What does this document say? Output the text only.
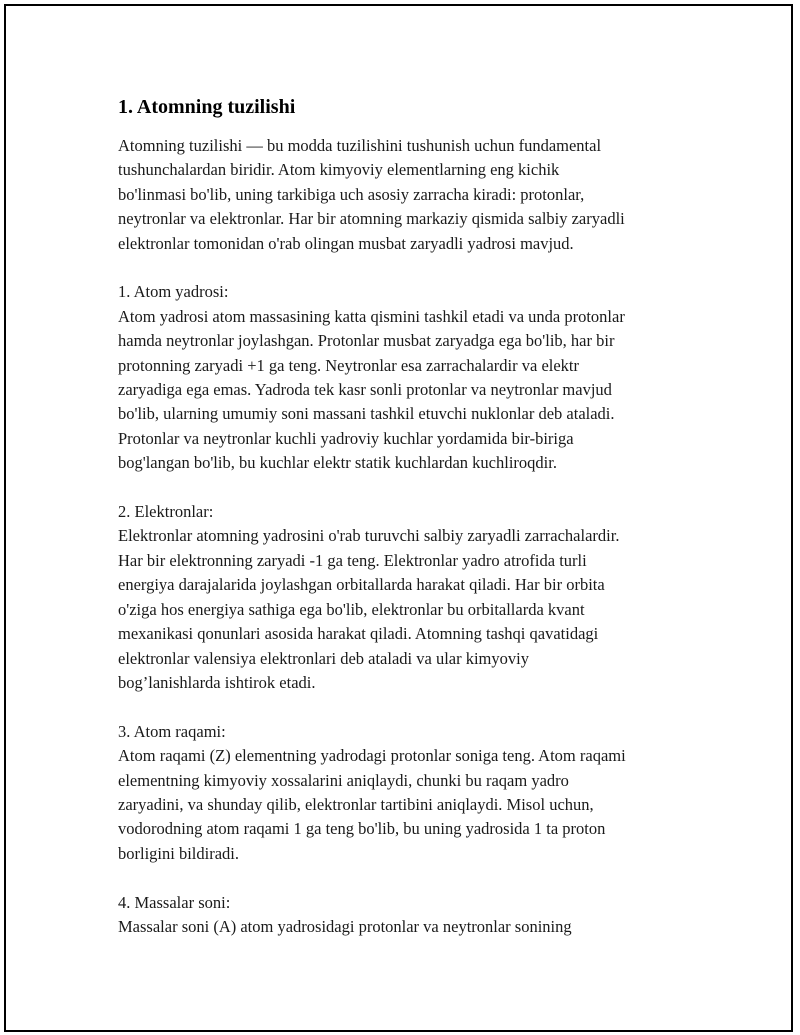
1. Atomning tuzilishi

Atomning tuzilishi — bu modda tuzilishini tushunish uchun fundamental
tushunchalardan biridir. Atom kimyoviy elementlarning eng kichik
bo'linmasi bo'lib, uning tarkibiga uch asosiy zarracha kiradi: protonlar,
neytronlar va elektronlar. Har bir atomning markaziy qismida salbiy zaryadli
elektronlar tomonidan o'rab olingan musbat zaryadli yadrosi mavjud.

1. Atom yadrosi:
Atom yadrosi atom massasining katta qismini tashkil etadi va unda protonlar
hamda neytronlar joylashgan. Protonlar musbat zaryadga ega bo'lib, har bir
protonning zaryadi +1 ga teng. Neytronlar esa zarrachalardir va elektr
zaryadiga ega emas. Yadroda tek kasr sonli protonlar va neytronlar mavjud
bo'lib, ularning umumiy soni massani tashkil etuvchi nuklonlar deb ataladi.
Protonlar va neytronlar kuchli yadroviy kuchlar yordamida bir-biriga
bog'langan bo'lib, bu kuchlar elektr statik kuchlardan kuchliroqdir.

2. Elektronlar:
Elektronlar atomning yadrosini o'rab turuvchi salbiy zaryadli zarrachalardir.
Har bir elektronning zaryadi -1 ga teng. Elektronlar yadro atrofida turli
energiya darajalarida joylashgan orbitallarda harakat qiladi. Har bir orbita
o'ziga hos energiya sathiga ega bo'lib, elektronlar bu orbitallarda kvant
mexanikasi qonunlari asosida harakat qiladi. Atomning tashqi qavatidagi
elektronlar valensiya elektronlari deb ataladi va ular kimyoviy
bog’lanishlarda ishtirok etadi.

3. Atom raqami:
Atom raqami (Z) elementning yadrodagi protonlar soniga teng. Atom raqami
elementning kimyoviy xossalarini aniqlaydi, chunki bu raqam yadro
zaryadini, va shunday qilib, elektronlar tartibini aniqlaydi. Misol uchun,
vodorodning atom raqami 1 ga teng bo'lib, bu uning yadrosida 1 ta proton
borligini bildiradi.

4. Massalar soni:
Massalar soni (A) atom yadrosidagi protonlar va neytronlar sonining
